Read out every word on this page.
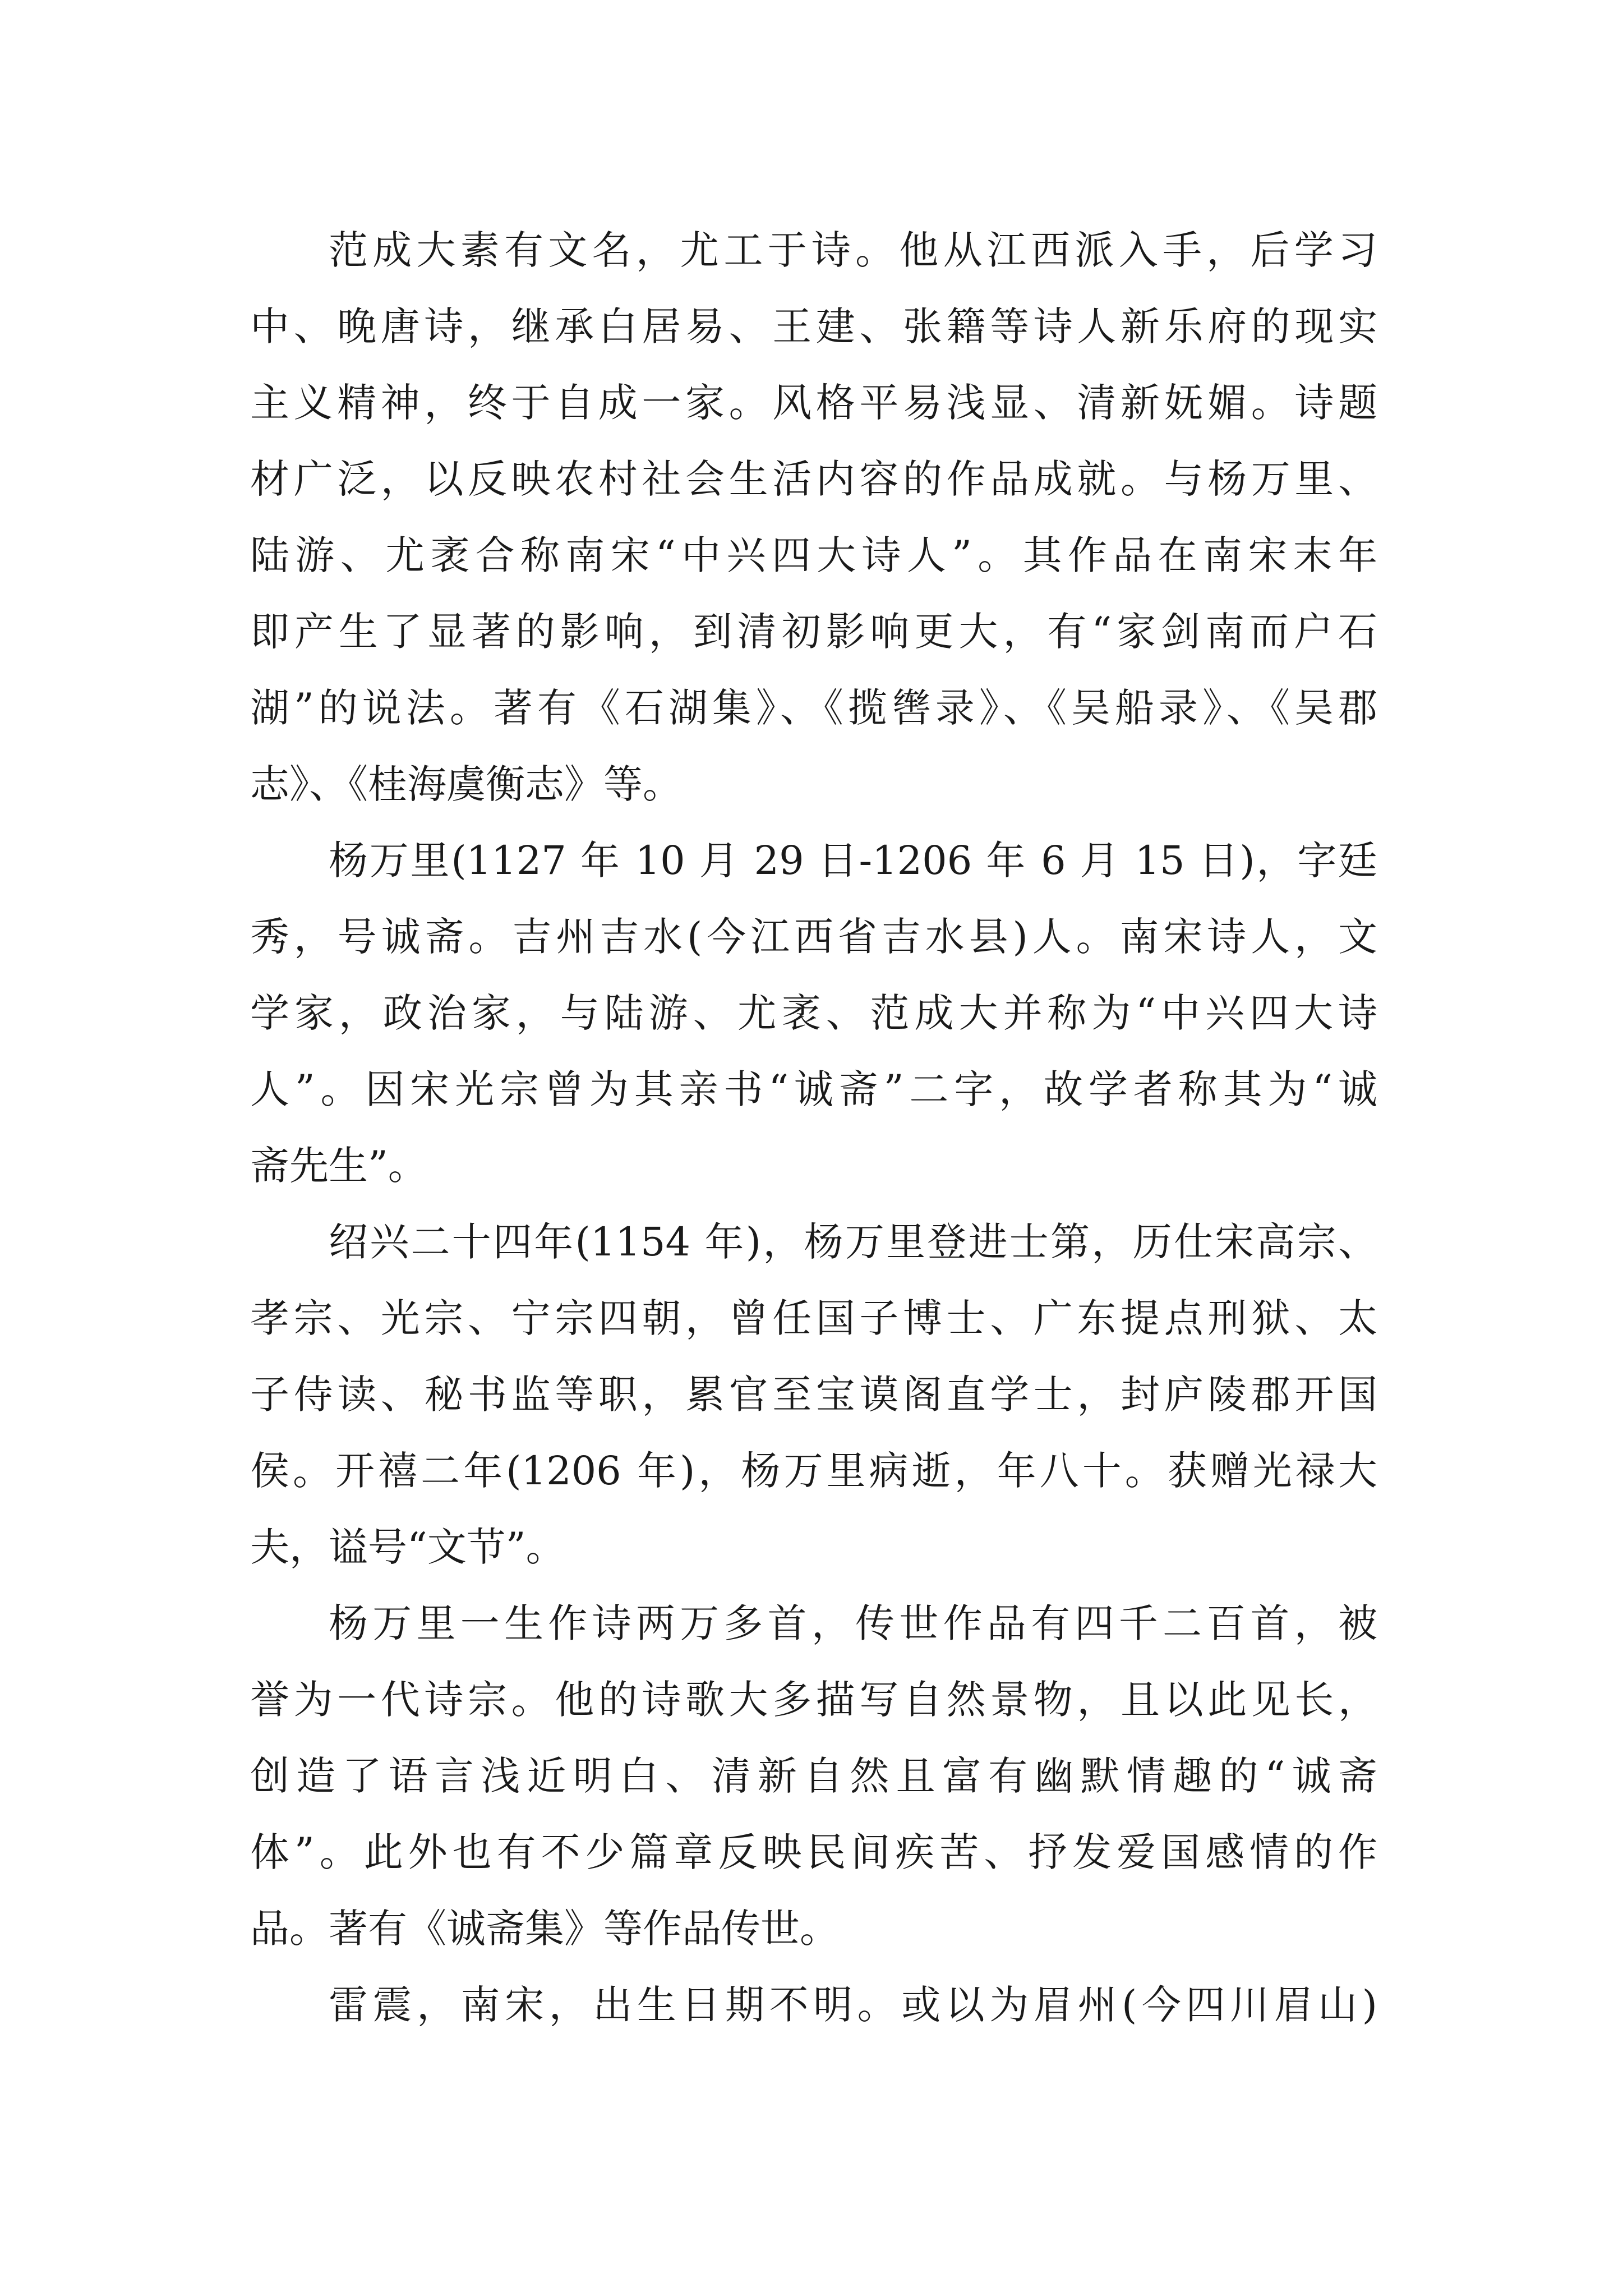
范成大素有文名，尤工于诗。他从江西派入手，后学习
中、晚唐诗，继承白居易、王建、张籍等诗人新乐府的现实
主义精神，终于自成一家。风格平易浅显、清新妩媚。诗题
材广泛，以反映农村社会生活内容的作品成就。与杨万里、
陆游、尤袤合称南宋“中兴四大诗人”。其作品在南宋末年
即产生了显著的影响，到清初影响更大，有“家剑南而户石
湖”的说法。著有《石湖集》、《揽辔录》、《吴船录》、《吴郡
志》、《桂海虞衡志》等。
杨万里(1127 年 10 月 29 日-1206 年 6 月 15 日)，字廷
秀，号诚斋。吉州吉水(今江西省吉水县)人。南宋诗人，文
学家，政治家，与陆游、尤袤、范成大并称为“中兴四大诗
人”。因宋光宗曾为其亲书“诚斋”二字，故学者称其为“诚
斋先生”。
绍兴二十四年(1154 年)，杨万里登进士第，历仕宋高宗、
孝宗、光宗、宁宗四朝，曾任国子博士、广东提点刑狱、太
子侍读、秘书监等职，累官至宝谟阁直学士，封庐陵郡开国
侯。开禧二年(1206 年)，杨万里病逝，年八十。获赠光禄大
夫，谥号“文节”。
杨万里一生作诗两万多首，传世作品有四千二百首，被
誉为一代诗宗。他的诗歌大多描写自然景物，且以此见长，
创造了语言浅近明白、清新自然且富有幽默情趣的“诚斋
体”。此外也有不少篇章反映民间疾苦、抒发爱国感情的作
品。著有《诚斋集》等作品传世。
雷震，南宋，出生日期不明。或以为眉州(今四川眉山)
